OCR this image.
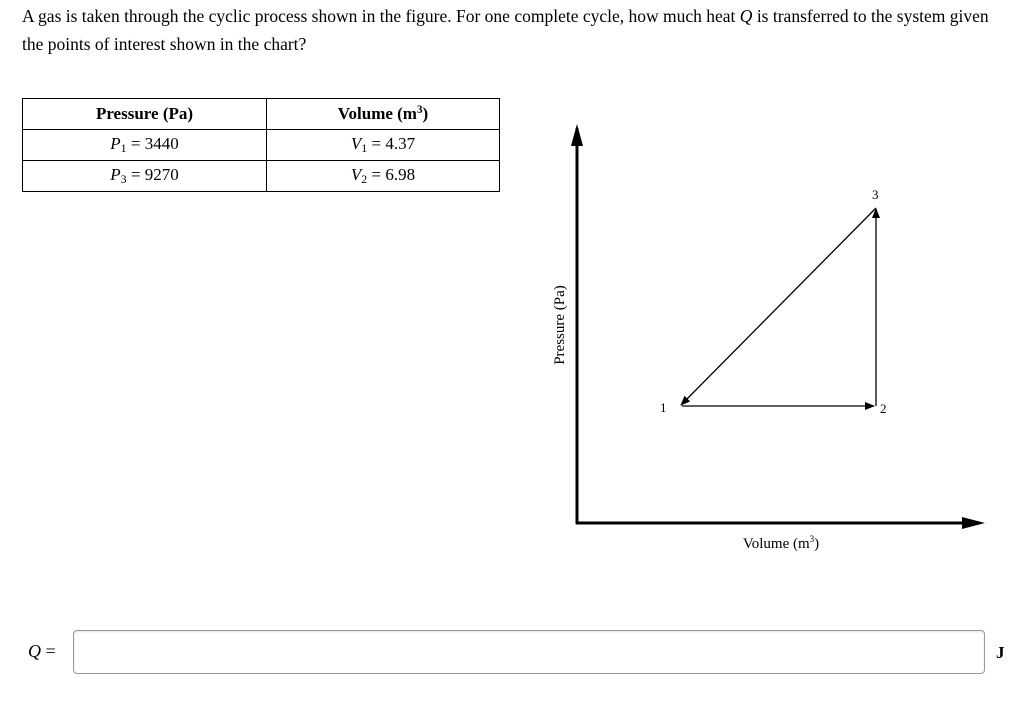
A gas is taken through the cyclic process shown in the figure. For one complete cycle, how much heat Q is transferred to the system given the points of interest shown in the chart?
Pressure (Pa)	Volume $(m^3)$
$P_1 = 3440$	$V_1 = 4.37$
$P_3 = 9270$	$V_2 = 6.98$
1	2
3
Pressure (Pa)
Volume $(m^3)$
Q =	J
